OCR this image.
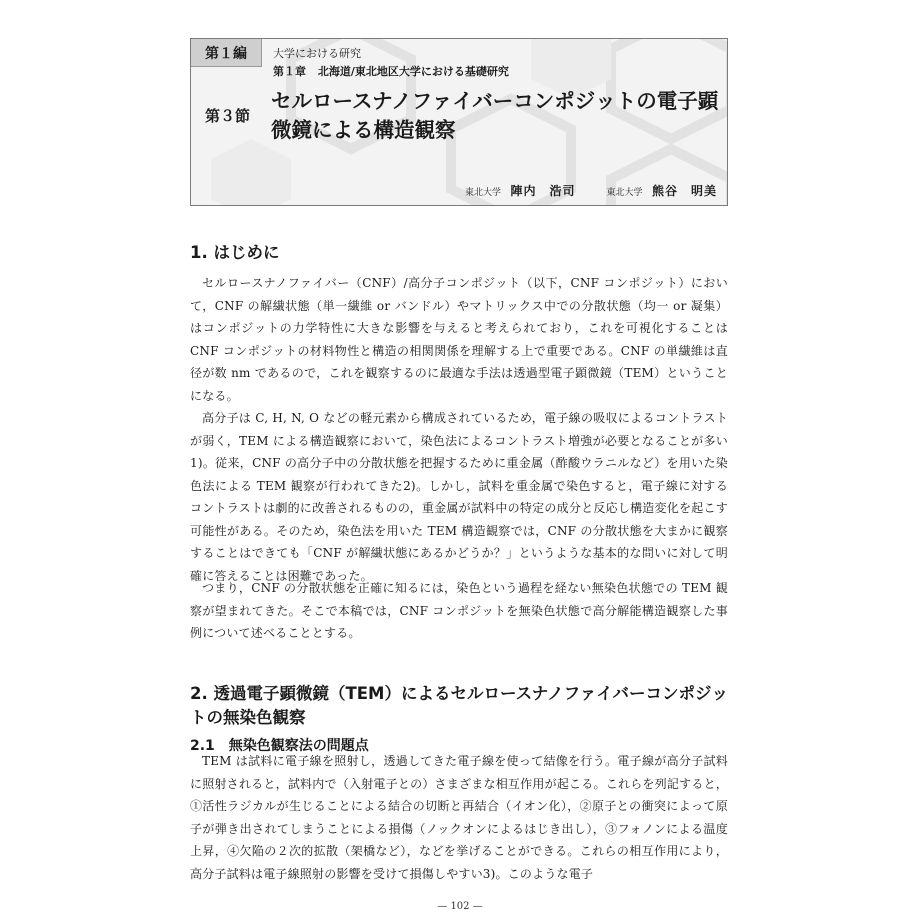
第１編	大学における研究
第１章 北海道/東北地区大学における基礎研究
第３節
セルロースナノファイバーコンポジットの電子顕微鏡による構造観察
東北大学 陣内　浩司	東北大学 熊谷　明美
1. はじめに

セルロースナノファイバー（CNF）/高分子コンポジット（以下，CNF コンポジット）において，CNF の解繊状態（単一繊維 or バンドル）やマトリックス中での分散状態（均一 or 凝集）はコンポジットの力学特性に大きな影響を与えると考えられており，これを可視化することはCNF コンポジットの材料物性と構造の相関関係を理解する上で重要である。CNF の単繊維は直径が数 nm であるので，これを観察するのに最適な手法は透過型電子顕微鏡（TEM）ということになる。

高分子は C, H, N, O などの軽元素から構成されているため，電子線の吸収によるコントラストが弱く，TEM による構造観察において，染色法によるコントラスト増強が必要となることが多い1)。従来，CNF の高分子中の分散状態を把握するために重金属（酢酸ウラニルなど）を用いた染色法による TEM 観察が行われてきた2)。しかし，試料を重金属で染色すると，電子線に対するコントラストは劇的に改善されるものの，重金属が試料中の特定の成分と反応し構造変化を起こす可能性がある。そのため，染色法を用いた TEM 構造観察では，CNF の分散状態を大まかに観察することはできても「CNF が解繊状態にあるかどうか？」というような基本的な問いに対して明確に答えることは困難であった。

つまり，CNF の分散状態を正確に知るには，染色という過程を経ない無染色状態での TEM 観察が望まれてきた。そこで本稿では，CNF コンポジットを無染色状態で高分解能構造観察した事例について述べることとする。

2. 透過電子顕微鏡（TEM）によるセルロースナノファイバーコンポジットの無染色観察
2.1　無染色観察法の問題点

TEM は試料に電子線を照射し，透過してきた電子線を使って結像を行う。電子線が高分子試料に照射されると，試料内で（入射電子との）さまざまな相互作用が起こる。これらを列記すると，①活性ラジカルが生じることによる結合の切断と再結合（イオン化），②原子との衝突によって原子が弾き出されてしまうことによる損傷（ノックオンによるはじき出し），③フォノンによる温度上昇，④欠陥の２次的拡散（架橋など），などを挙げることができる。これらの相互作用により，高分子試料は電子線照射の影響を受けて損傷しやすい3)。このような電子

— 102 —
